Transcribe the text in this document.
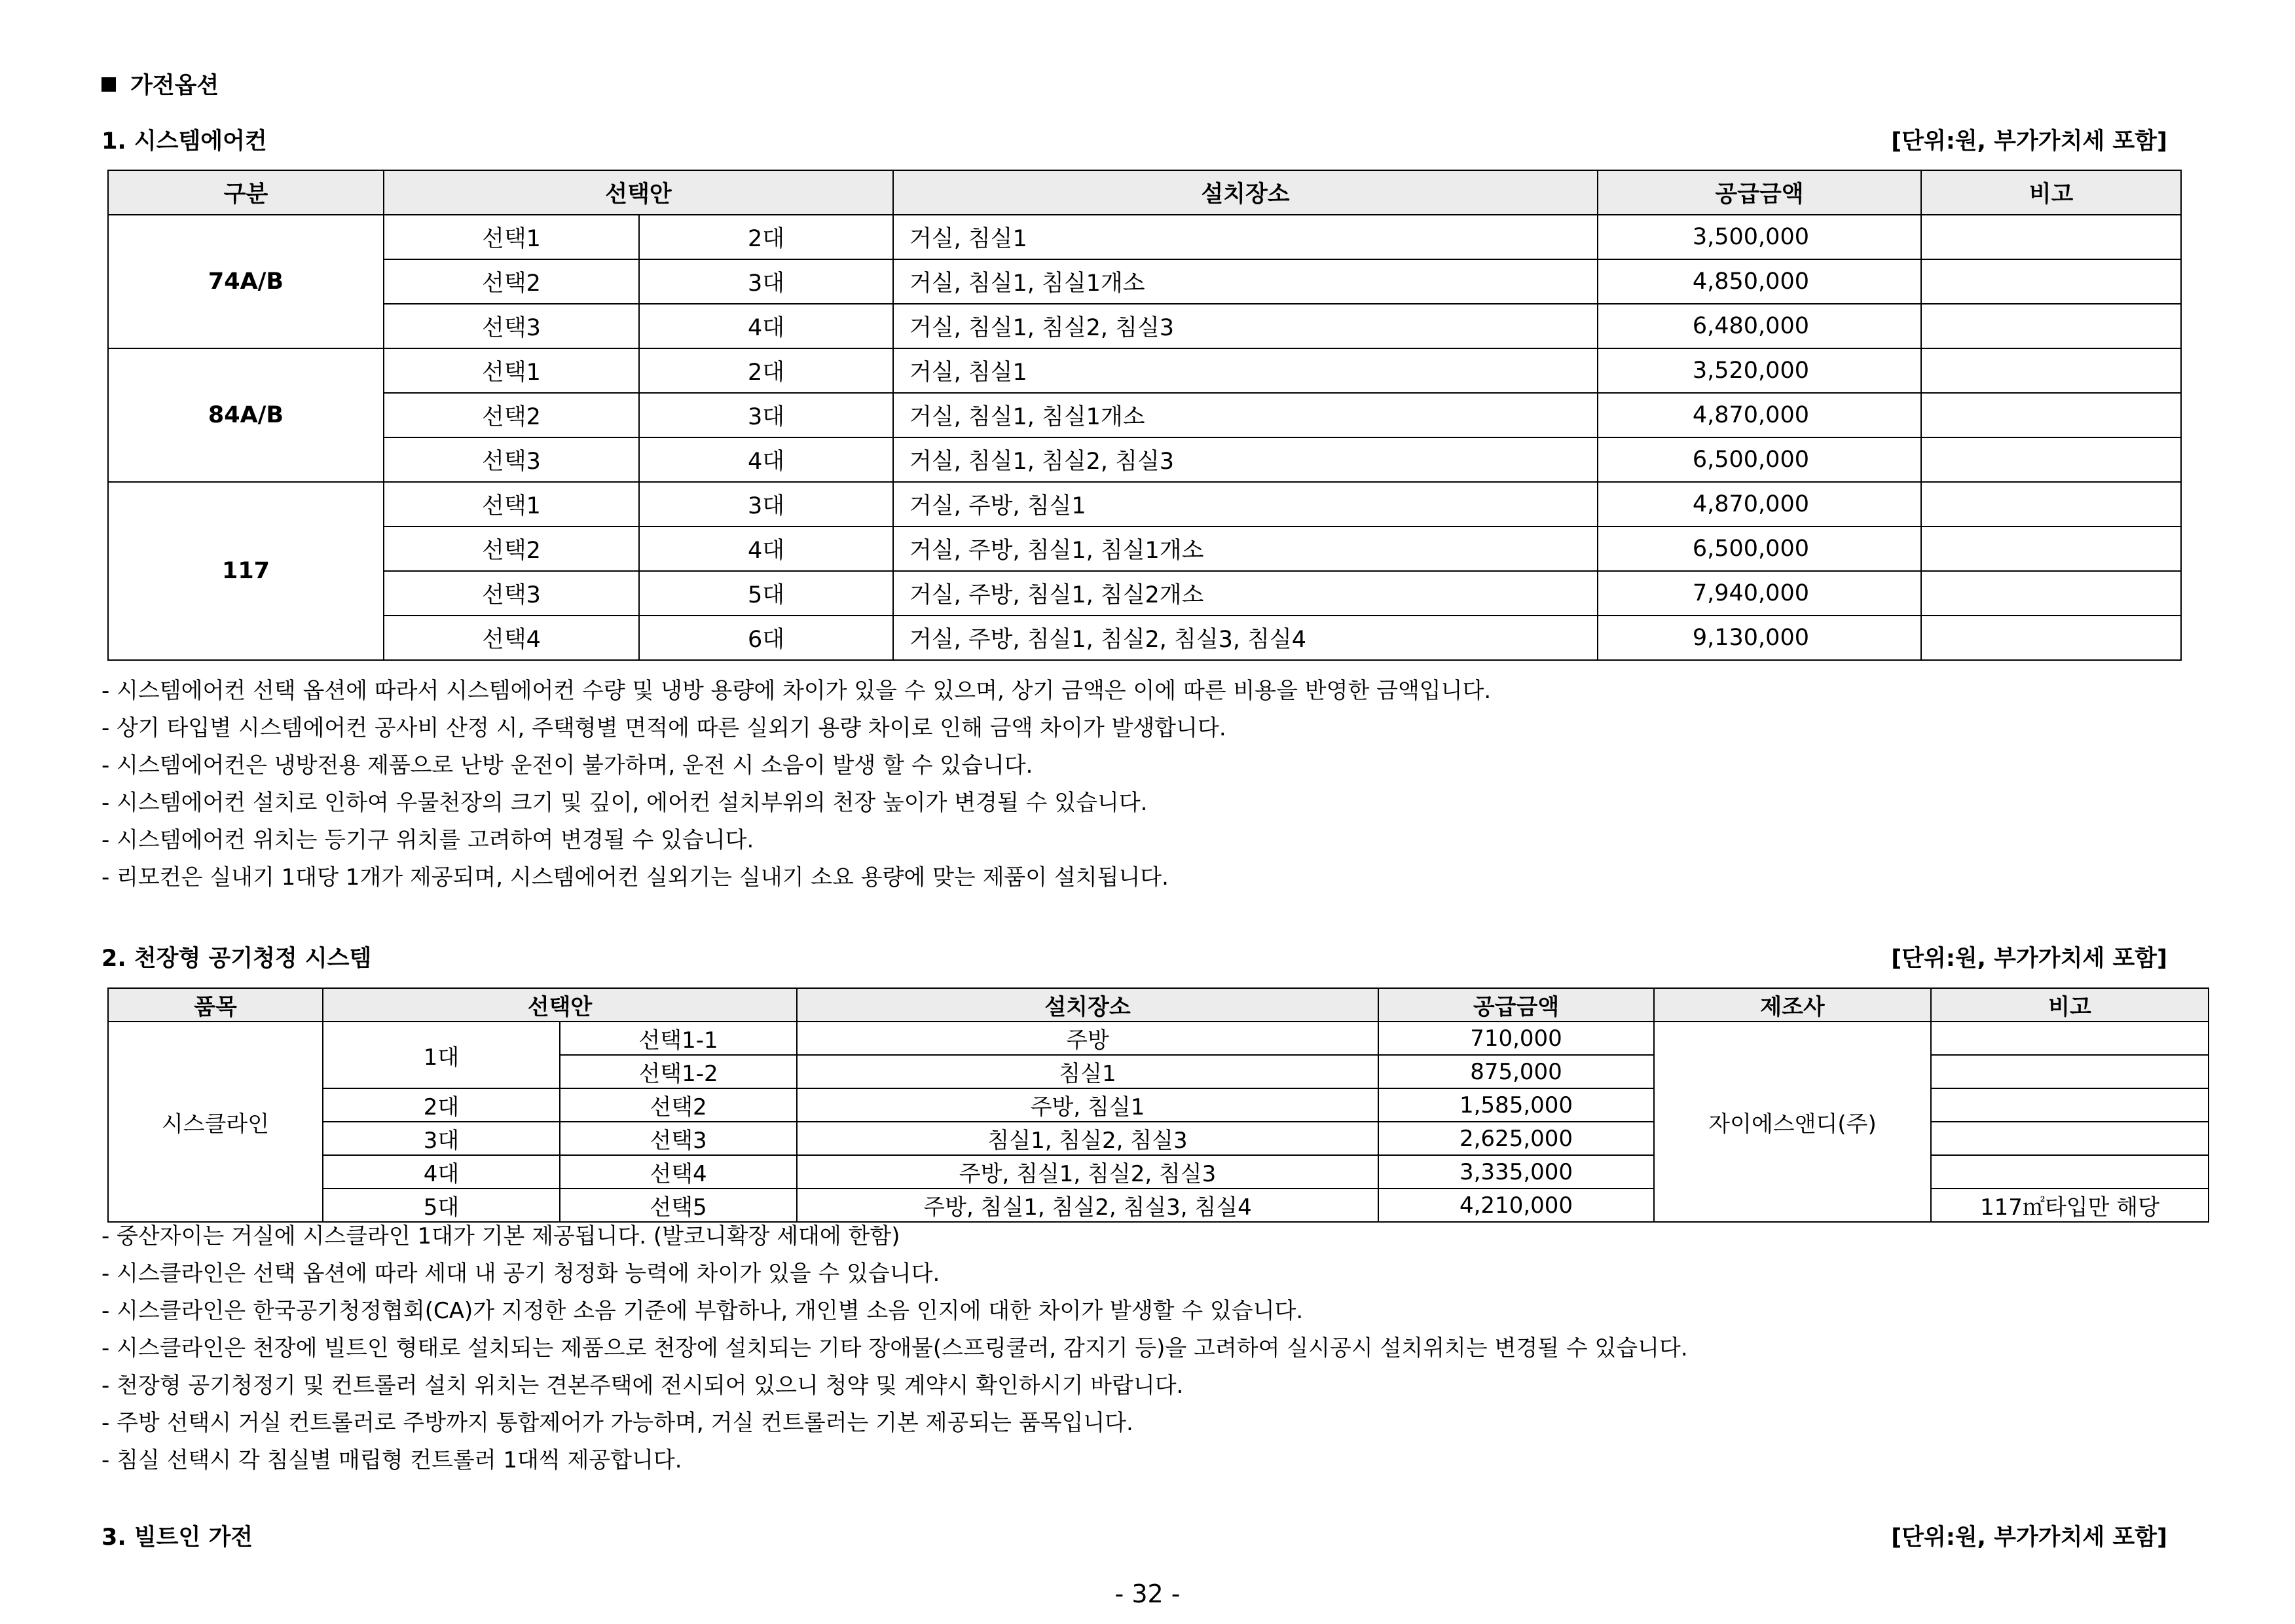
가전옵션
1. 시스템에어컨	[단위:원, 부가가치세 포함]
구분	선택안		설치장소	공급금액	비고
74A/B	선택1	2대	거실, 침실1	3,500,000	
	선택2	3대	거실, 침실1, 침실1개소	4,850,000	
	선택3	4대	거실, 침실1, 침실2, 침실3	6,480,000	
84A/B	선택1	2대	거실, 침실1	3,520,000	
	선택2	3대	거실, 침실1, 침실1개소	4,870,000	
	선택3	4대	거실, 침실1, 침실2, 침실3	6,500,000	
117	선택1	3대	거실, 주방, 침실1	4,870,000	
	선택2	4대	거실, 주방, 침실1, 침실1개소	6,500,000	
	선택3	5대	거실, 주방, 침실1, 침실2개소	7,940,000	
	선택4	6대	거실, 주방, 침실1, 침실2, 침실3, 침실4	9,130,000	
- 시스템에어컨 선택 옵션에 따라서 시스템에어컨 수량 및 냉방 용량에 차이가 있을 수 있으며, 상기 금액은 이에 따른 비용을 반영한 금액입니다.
- 상기 타입별 시스템에어컨 공사비 산정 시, 주택형별 면적에 따른 실외기 용량 차이로 인해 금액 차이가 발생합니다.
- 시스템에어컨은 냉방전용 제품으로 난방 운전이 불가하며, 운전 시 소음이 발생 할 수 있습니다.
- 시스템에어컨 설치로 인하여 우물천장의 크기 및 깊이, 에어컨 설치부위의 천장 높이가 변경될 수 있습니다.
- 시스템에어컨 위치는 등기구 위치를 고려하여 변경될 수 있습니다.
- 리모컨은 실내기 1대당 1개가 제공되며, 시스템에어컨 실외기는 실내기 소요 용량에 맞는 제품이 설치됩니다.
2. 천장형 공기청정 시스템	[단위:원, 부가가치세 포함]
품목	선택안		설치장소	공급금액	제조사	비고
시스클라인	1대	선택1-1	주방	710,000	자이에스앤디(주)	
		선택1-2	침실1	875,000		
	2대	선택2	주방, 침실1	1,585,000		
	3대	선택3	침실1, 침실2, 침실3	2,625,000		
	4대	선택4	주방, 침실1, 침실2, 침실3	3,335,000		
	5대	선택5	주방, 침실1, 침실2, 침실3, 침실4	4,210,000		117㎡타입만 해당
- 중산자이는 거실에 시스클라인 1대가 기본 제공됩니다. (발코니확장 세대에 한함)
- 시스클라인은 선택 옵션에 따라 세대 내 공기 청정화 능력에 차이가 있을 수 있습니다.
- 시스클라인은 한국공기청정협회(CA)가 지정한 소음 기준에 부합하나, 개인별 소음 인지에 대한 차이가 발생할 수 있습니다.
- 시스클라인은 천장에 빌트인 형태로 설치되는 제품으로 천장에 설치되는 기타 장애물(스프링쿨러, 감지기 등)을 고려하여 실시공시 설치위치는 변경될 수 있습니다.
- 천장형 공기청정기 및 컨트롤러 설치 위치는 견본주택에 전시되어 있으니 청약 및 계약시 확인하시기 바랍니다.
- 주방 선택시 거실 컨트롤러로 주방까지 통합제어가 가능하며, 거실 컨트롤러는 기본 제공되는 품목입니다.
- 침실 선택시 각 침실별 매립형 컨트롤러 1대씩 제공합니다.
3. 빌트인 가전	[단위:원, 부가가치세 포함]
- 32 -
